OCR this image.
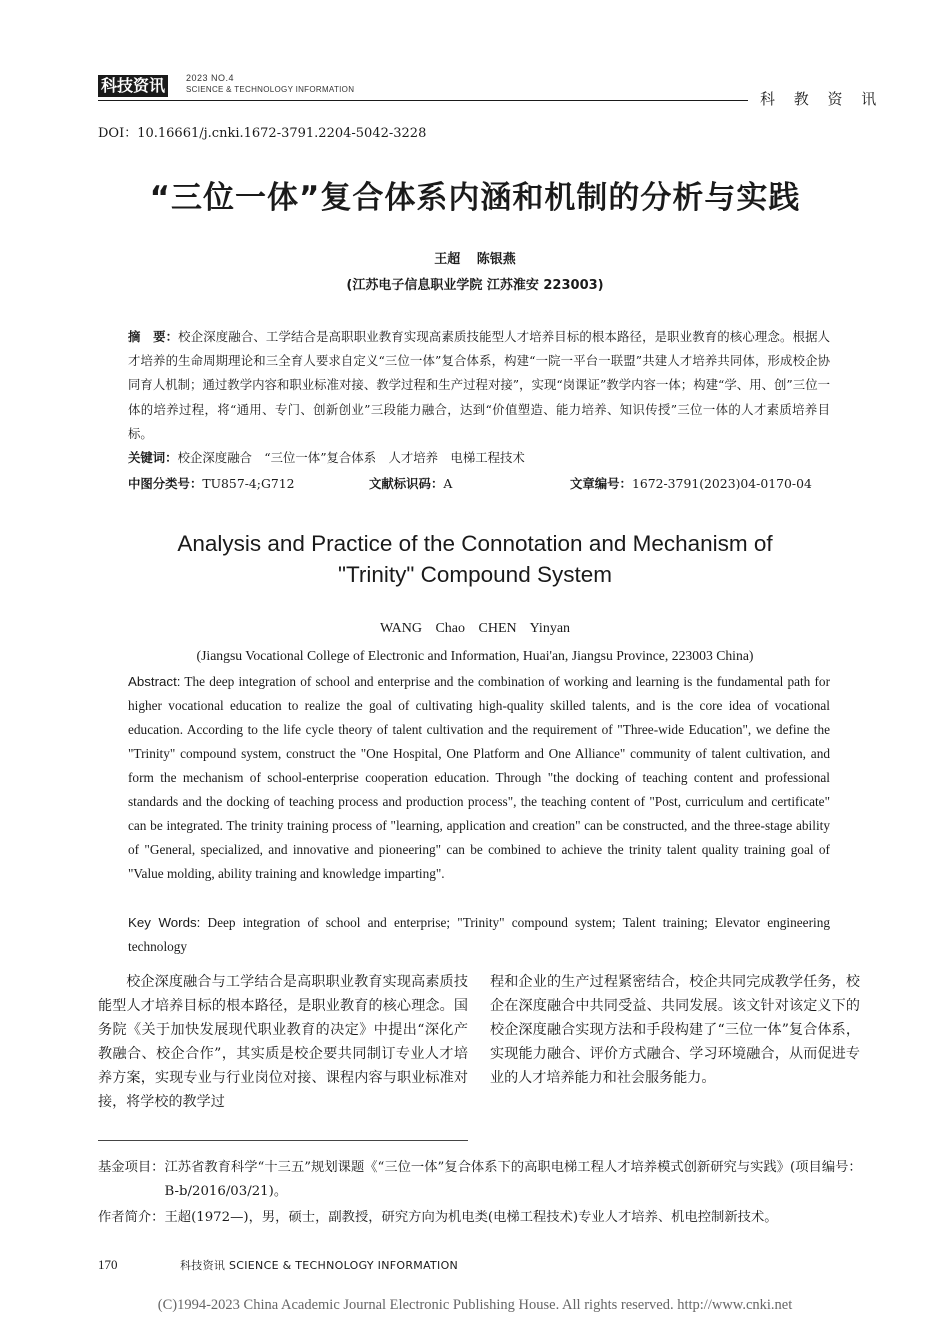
科技资讯	2023 NO.4
SCIENCE & TECHNOLOGY INFORMATION
科 教 资 讯
DOI：10.16661/j.cnki.1672-3791.2204-5042-3228
“三位一体”复合体系内涵和机制的分析与实践
王超 陈银燕
(江苏电子信息职业学院 江苏淮安 223003)
摘　要：校企深度融合、工学结合是高职职业教育实现高素质技能型人才培养目标的根本路径，是职业教育的核心理念。根据人才培养的生命周期理论和三全育人要求自定义“三位一体”复合体系，构建“一院一平台一联盟”共建人才培养共同体，形成校企协同育人机制；通过教学内容和职业标准对接、教学过程和生产过程对接”，实现“岗课证”教学内容一体；构建“学、用、创”三位一体的培养过程，将“通用、专门、创新创业”三段能力融合，达到“价值塑造、能力培养、知识传授”三位一体的人才素质培养目标。
关键词：校企深度融合　“三位一体”复合体系　人才培养　电梯工程技术
中图分类号：TU857-4;G712	文献标识码：A	文章编号：1672-3791(2023)04-0170-04
Analysis and Practice of the Connotation and Mechanism of
"Trinity" Compound System
WANG Chao CHEN Yinyan
(Jiangsu Vocational College of Electronic and Information, Huai'an, Jiangsu Province, 223003 China)
Abstract: The deep integration of school and enterprise and the combination of working and learning is the fundamental path for higher vocational education to realize the goal of cultivating high-quality skilled talents, and is the core idea of vocational education. According to the life cycle theory of talent cultivation and the requirement of "Three-wide Education", we define the "Trinity" compound system, construct the "One Hospital, One Platform and One Alliance" community of talent cultivation, and form the mechanism of school-enterprise cooperation education. Through "the docking of teaching content and professional standards and the docking of teaching process and production process", the teaching content of "Post, curriculum and certificate" can be integrated. The trinity training process of "learning, application and creation" can be constructed, and the three-stage ability of "General, specialized, and innovative and pioneering" can be combined to achieve the trinity talent quality training goal of "Value molding, ability training and knowledge imparting".
Key Words: Deep integration of school and enterprise; "Trinity" compound system; Talent training; Elevator engineering technology
校企深度融合与工学结合是高职职业教育实现高素质技能型人才培养目标的根本路径，是职业教育的核心理念。国务院《关于加快发展现代职业教育的决定》中提出“深化产教融合、校企合作”，其实质是校企要共同制订专业人才培养方案，实现专业与行业岗位对接、课程内容与职业标准对接，将学校的教学过
程和企业的生产过程紧密结合，校企共同完成教学任务，校企在深度融合中共同受益、共同发展。该文针对该定义下的校企深度融合实现方法和手段构建了“三位一体”复合体系，实现能力融合、评价方式融合、学习环境融合，从而促进专业的人才培养能力和社会服务能力。
基金项目： 江苏省教育科学“十三五”规划课题《“三位一体”复合体系下的高职电梯工程人才培养模式创新研究与实践》(项目编号：B-b/2016/03/21)。
作者简介：王超(1972—)，男，硕士，副教授，研究方向为机电类(电梯工程技术)专业人才培养、机电控制新技术。
170	科技资讯 SCIENCE & TECHNOLOGY INFORMATION
(C)1994-2023 China Academic Journal Electronic Publishing House. All rights reserved. http://www.cnki.net
